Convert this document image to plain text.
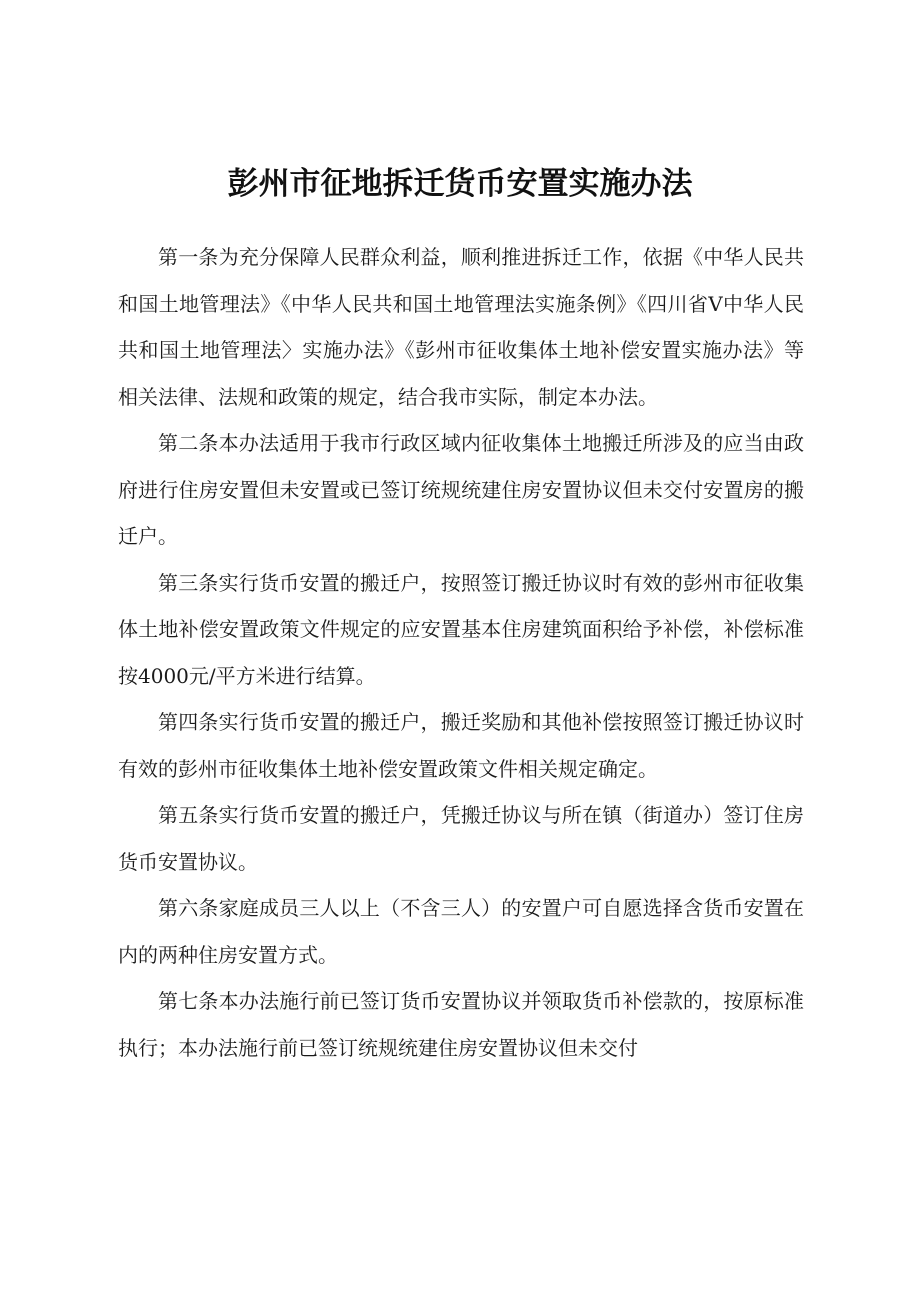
彭州市征地拆迁货币安置实施办法

第一条为充分保障人民群众利益，顺利推进拆迁工作，依据《中华人民共和国土地管理法》《中华人民共和国土地管理法实施条例》《四川省V中华人民共和国土地管理法〉实施办法》《彭州市征收集体土地补偿安置实施办法》等相关法律、法规和政策的规定，结合我市实际，制定本办法。

第二条本办法适用于我市行政区域内征收集体土地搬迁所涉及的应当由政府进行住房安置但未安置或已签订统规统建住房安置协议但未交付安置房的搬迁户。

第三条实行货币安置的搬迁户，按照签订搬迁协议时有效的彭州市征收集体土地补偿安置政策文件规定的应安置基本住房建筑面积给予补偿，补偿标准按4000元/平方米进行结算。

第四条实行货币安置的搬迁户，搬迁奖励和其他补偿按照签订搬迁协议时有效的彭州市征收集体土地补偿安置政策文件相关规定确定。

第五条实行货币安置的搬迁户，凭搬迁协议与所在镇（街道办）签订住房货币安置协议。

第六条家庭成员三人以上（不含三人）的安置户可自愿选择含货币安置在内的两种住房安置方式。

第七条本办法施行前已签订货币安置协议并领取货币补偿款的，按原标准执行；本办法施行前已签订统规统建住房安置协议但未交付
